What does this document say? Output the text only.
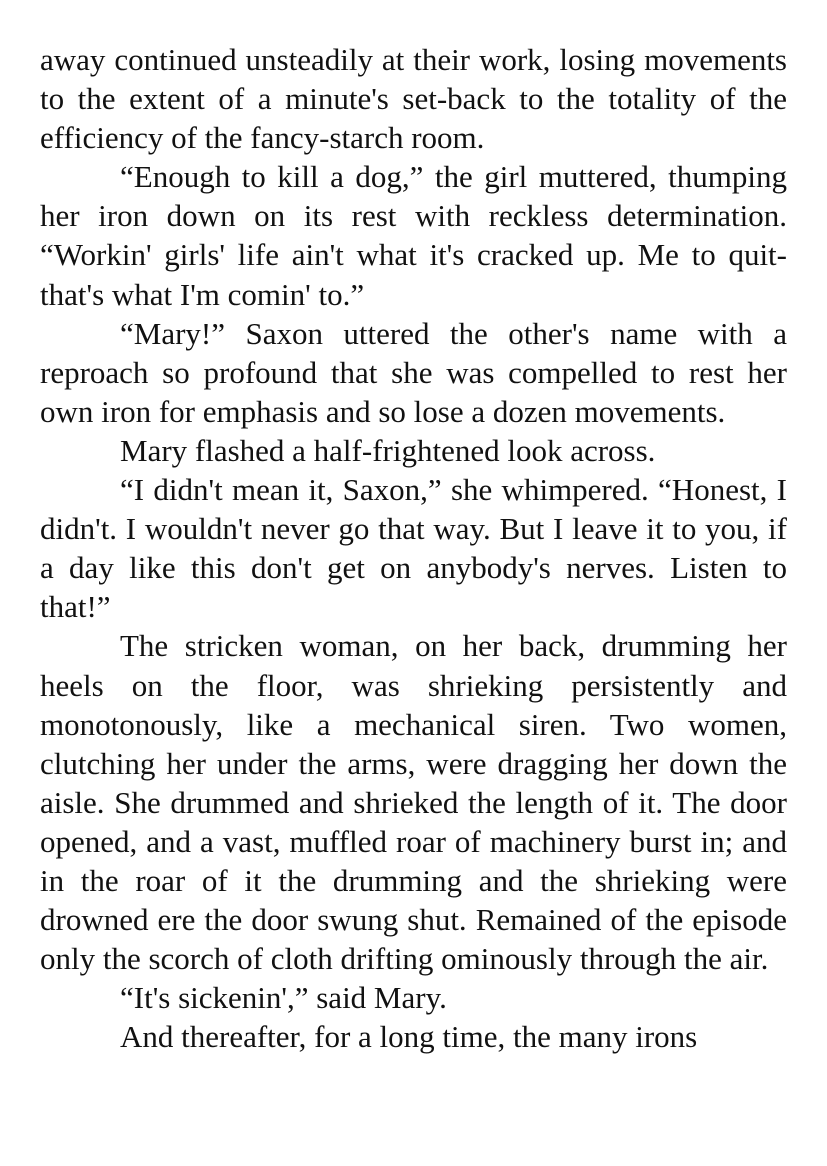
away continued unsteadily at their work, losing movements to the extent of a minute's set-back to the totality of the efficiency of the fancy-starch room.

“Enough to kill a dog,” the girl muttered, thumping her iron down on its rest with reckless determination. “Workin' girls' life ain't what it's cracked up. Me to quit-that's what I'm comin' to.”

“Mary!” Saxon uttered the other's name with a reproach so profound that she was compelled to rest her own iron for emphasis and so lose a dozen movements.

Mary flashed a half-frightened look across.

“I didn't mean it, Saxon,” she whimpered. “Honest, I didn't. I wouldn't never go that way. But I leave it to you, if a day like this don't get on anybody's nerves. Listen to that!”

The stricken woman, on her back, drumming her heels on the floor, was shrieking persistently and monotonously, like a mechanical siren. Two women, clutching her under the arms, were dragging her down the aisle. She drummed and shrieked the length of it. The door opened, and a vast, muffled roar of machinery burst in; and in the roar of it the drumming and the shrieking were drowned ere the door swung shut. Remained of the episode only the scorch of cloth drifting ominously through the air.

“It's sickenin',” said Mary.

And thereafter, for a long time, the many irons
